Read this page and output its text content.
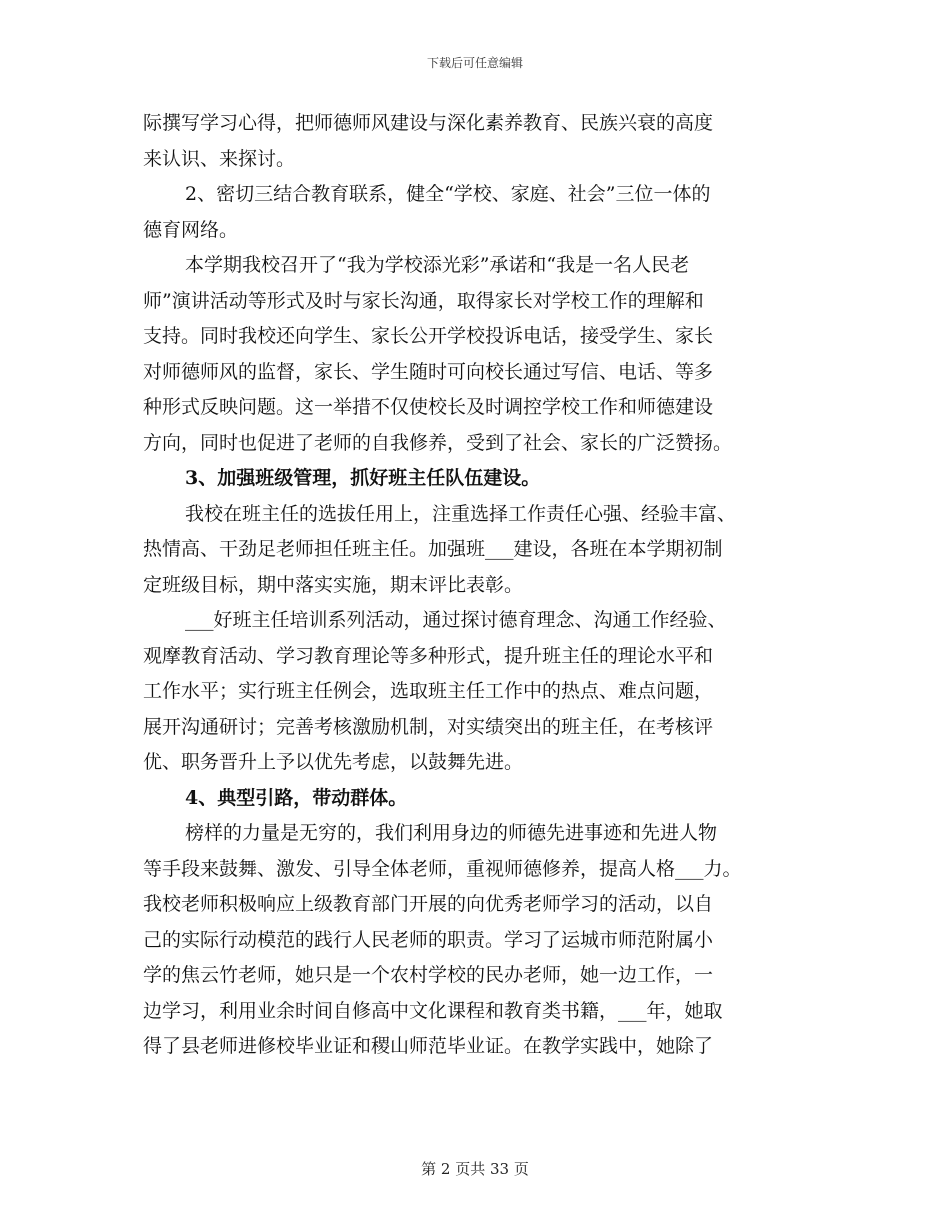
下载后可任意编辑
际撰写学习心得，把师德师风建设与深化素养教育、民族兴衰的高度
来认识、来探讨。
2、密切三结合教育联系，健全“学校、家庭、社会”三位一体的
德育网络。
本学期我校召开了“我为学校添光彩”承诺和“我是一名人民老
师”演讲活动等形式及时与家长沟通，取得家长对学校工作的理解和
支持。同时我校还向学生、家长公开学校投诉电话，接受学生、家长
对师德师风的监督，家长、学生随时可向校长通过写信、电话、等多
种形式反映问题。这一举措不仅使校长及时调控学校工作和师德建设
方向，同时也促进了老师的自我修养，受到了社会、家长的广泛赞扬。
3、加强班级管理，抓好班主任队伍建设。
我校在班主任的选拔任用上，注重选择工作责任心强、经验丰富、
热情高、干劲足老师担任班主任。加强班___建设，各班在本学期初制
定班级目标，期中落实实施，期末评比表彰。
___好班主任培训系列活动，通过探讨德育理念、沟通工作经验、
观摩教育活动、学习教育理论等多种形式，提升班主任的理论水平和
工作水平；实行班主任例会，选取班主任工作中的热点、难点问题，
展开沟通研讨；完善考核激励机制，对实绩突出的班主任，在考核评
优、职务晋升上予以优先考虑，以鼓舞先进。
4、典型引路，带动群体。
榜样的力量是无穷的，我们利用身边的师德先进事迹和先进人物
等手段来鼓舞、激发、引导全体老师，重视师德修养，提高人格___力。
我校老师积极响应上级教育部门开展的向优秀老师学习的活动，以自
己的实际行动模范的践行人民老师的职责。学习了运城市师范附属小
学的焦云竹老师，她只是一个农村学校的民办老师，她一边工作，一
边学习，利用业余时间自修高中文化课程和教育类书籍，___年，她取
得了县老师进修校毕业证和稷山师范毕业证。在教学实践中，她除了
第 2 页共 33 页
